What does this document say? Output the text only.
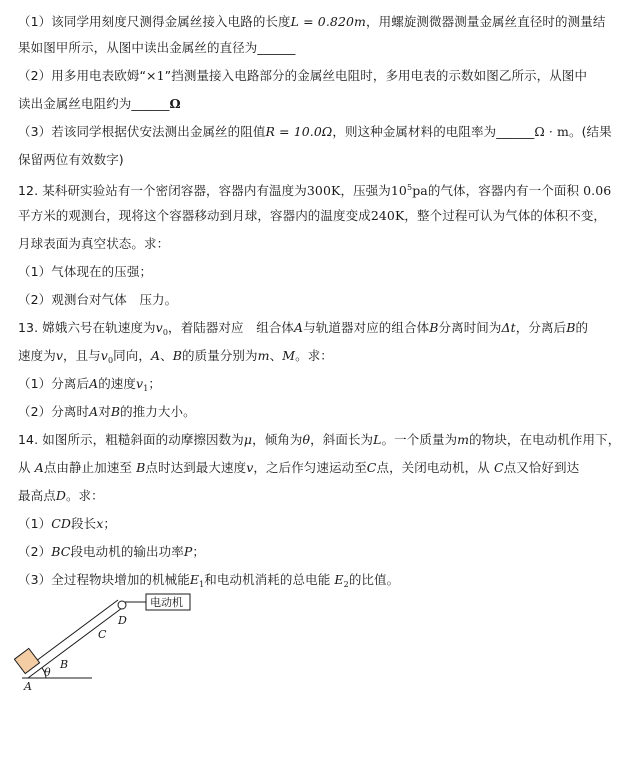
（1）该同学用刻度尺测得金属丝接入电路的长度L = 0.820m，用螺旋测微器测量金属丝直径时的测量结
果如图甲所示，从图中读出金属丝的直径为______
（2）用多用电表欧姆“×1”挡测量接入电路部分的金属丝电阻时，多用电表的示数如图乙所示，从图中
读出金属丝电阻约为______Ω
（3）若该同学根据伏安法测出金属丝的阻值R = 10.0Ω，则这种金属材料的电阻率为______Ω · m。(结果
保留两位有效数字)
12. 某科研实验站有一个密闭容器，容器内有温度为300K，压强为$10^5pa$的气体，容器内有一个面积 0.06
平方米的观测台，现将这个容器移动到月球，容器内的温度变成240K，整个过程可认为气体的体积不变，
月球表面为真空状态。求：
（1）气体现在的压强；
（2）观测台对气体　压力。
13. 嫦娥六号在轨速度为$v_0$，着陆器对应　组合体A与轨道器对应的组合体B分离时间为Δt，分离后B的
速度为v，且与$v_0$同向，A、B的质量分别为m、M。求：
（1）分离后A的速度$v_1$；
（2）分离时A对B的推力大小。
14. 如图所示，粗糙斜面的动摩擦因数为μ，倾角为θ，斜面长为L。一个质量为m的物块，在电动机作用下，
从 A点由静止加速至 B点时达到最大速度v，之后作匀速运动至C点，关闭电动机，从 C点又恰好到达
最高点D。求：
（1）CD段长x；
（2）BC段电动机的输出功率P；
（3）全过程物块增加的机械能$E_1$和电动机消耗的总电能 $E_2$的比值。
电动机
θ
A
B
C
D
